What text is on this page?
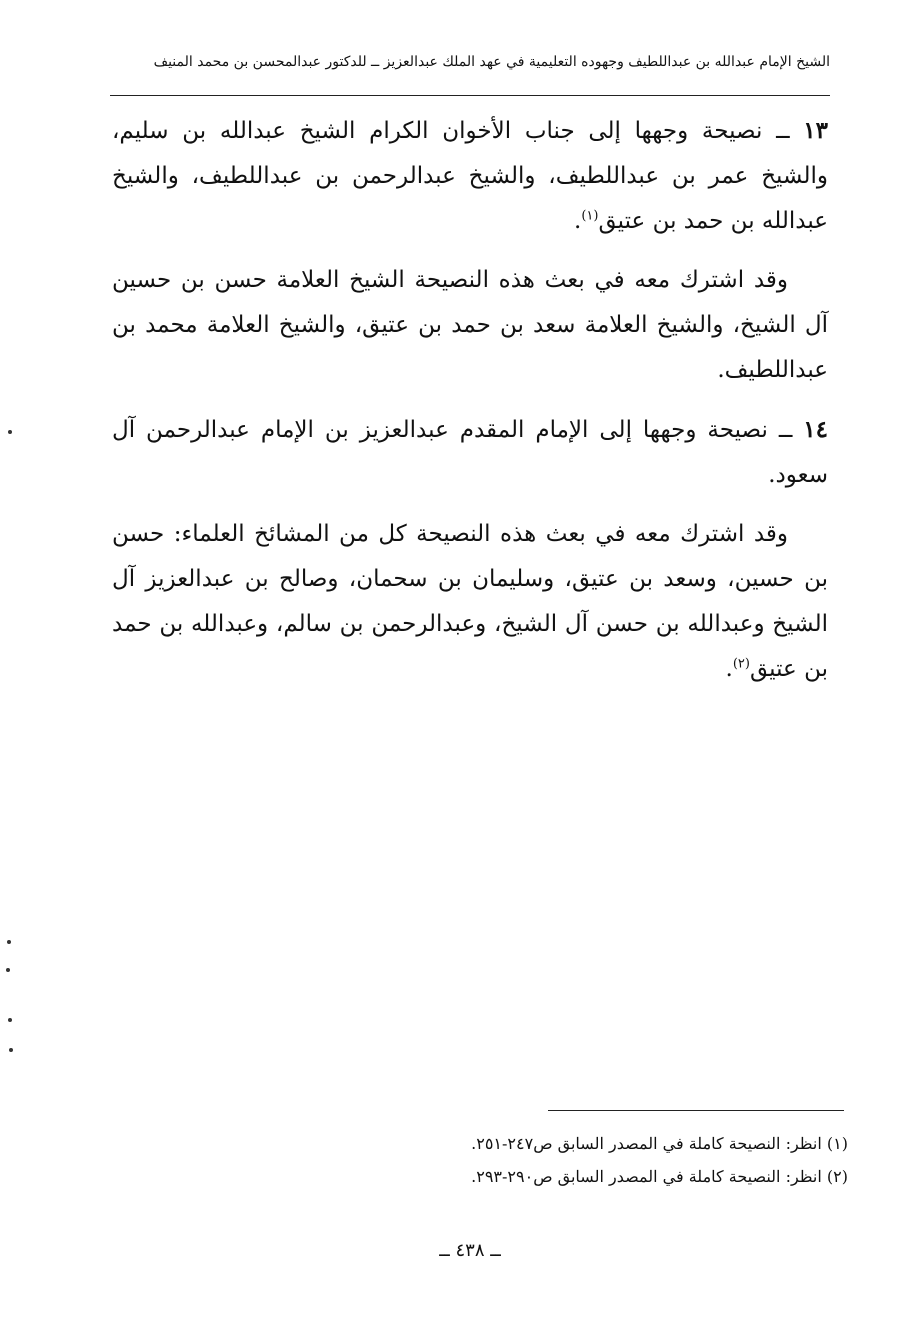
الشيخ الإمام عبدالله بن عبداللطيف وجهوده التعليمية في عهد الملك عبدالعزيز ــ للدكتور عبدالمحسن بن محمد المنيف

١٣ ــ نصيحة وجهها إلى جناب الأخوان الكرام الشيخ عبدالله بن سليم، والشيخ عمر بن عبداللطيف، والشيخ عبدالرحمن بن عبداللطيف، والشيخ عبدالله بن حمد بن عتيق$^{(١)}$.

وقد اشترك معه في بعث هذه النصيحة الشيخ العلامة حسن بن حسين آل الشيخ، والشيخ العلامة سعد بن حمد بن عتيق، والشيخ العلامة محمد بن عبداللطيف.

١٤ ــ نصيحة وجهها إلى الإمام المقدم عبدالعزيز بن الإمام عبدالرحمن آل سعود.

وقد اشترك معه في بعث هذه النصيحة كل من المشائخ العلماء: حسن بن حسين، وسعد بن عتيق، وسليمان بن سحمان، وصالح بن عبدالعزيز آل الشيخ وعبدالله بن حسن آل الشيخ، وعبدالرحمن بن سالم، وعبدالله بن حمد بن عتيق$^{(٢)}$.

(١) انظر: النصيحة كاملة في المصدر السابق ص٢٤٧-٢٥١.

(٢) انظر: النصيحة كاملة في المصدر السابق ص٢٩٠-٢٩٣.

ــ ٤٣٨ ــ
